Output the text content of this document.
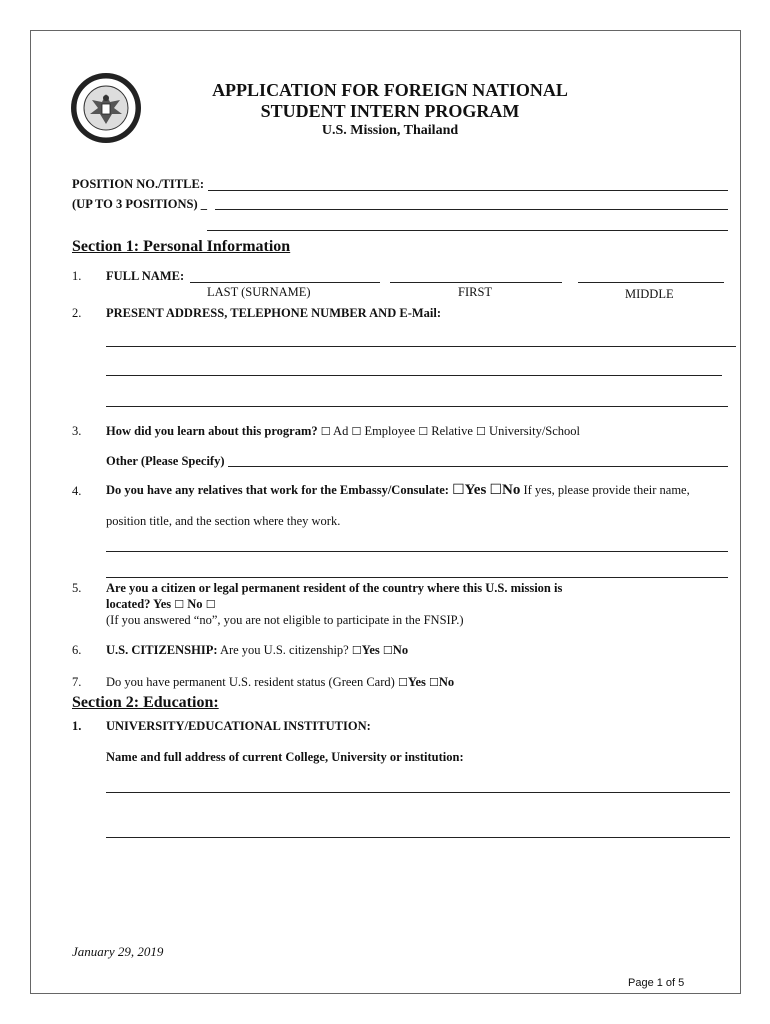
APPLICATION FOR FOREIGN NATIONAL
STUDENT INTERN PROGRAM
U.S. Mission, Thailand
POSITION NO./TITLE:
(UP TO 3 POSITIONS) _
Section 1: Personal Information
1. FULL NAME:
LAST (SURNAME)	FIRST	MIDDLE
2. PRESENT ADDRESS, TELEPHONE NUMBER AND E-Mail:
3. How did you learn about this program? ☐ Ad ☐ Employee ☐ Relative ☐ University/School
Other (Please Specify)
4. Do you have any relatives that work for the Embassy/Consulate: ☐Yes ☐No If yes, please provide their name,
position title, and the section where they work.
5. Are you a citizen or legal permanent resident of the country where this U.S. mission is
located? Yes ☐ No ☐
(If you answered “no”, you are not eligible to participate in the FNSIP.)
6. U.S. CITIZENSHIP: Are you U.S. citizenship? ☐Yes ☐No
7. Do you have permanent U.S. resident status (Green Card) ☐Yes ☐No
Section 2: Education:
1. UNIVERSITY/EDUCATIONAL INSTITUTION:
Name and full address of current College, University or institution:
January 29, 2019
Page 1 of 5
